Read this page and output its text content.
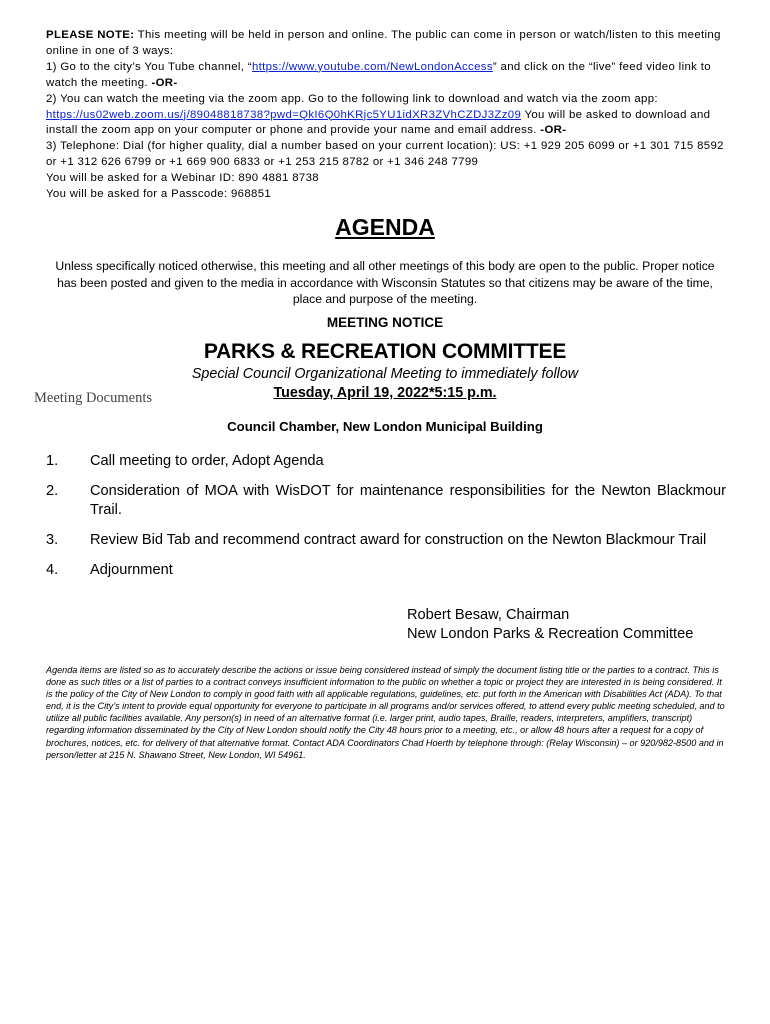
PLEASE NOTE: This meeting will be held in person and online. The public can come in person or watch/listen to this meeting online in one of 3 ways:

1) Go to the city’s You Tube channel, “https://www.youtube.com/NewLondonAccess” and click on the “live” feed video link to watch the meeting. -OR-

2) You can watch the meeting via the zoom app. Go to the following link to download and watch via the zoom app: https://us02web.zoom.us/j/89048818738?pwd=QkI6Q0hKRjc5YU1idXR3ZVhCZDJ3Zz09 You will be asked to download and install the zoom app on your computer or phone and provide your name and email address. -OR-

3) Telephone: Dial (for higher quality, dial a number based on your current location): US: +1 929 205 6099 or +1 301 715 8592 or +1 312 626 6799 or +1 669 900 6833 or +1 253 215 8782 or +1 346 248 7799

You will be asked for a Webinar ID: 890 4881 8738

You will be asked for a Passcode: 968851

AGENDA
Unless specifically noticed otherwise, this meeting and all other meetings of this body are open to the public. Proper notice has been posted and given to the media in accordance with Wisconsin Statutes so that citizens may be aware of the time, place and purpose of the meeting.
MEETING NOTICE
PARKS & RECREATION COMMITTEE
Special Council Organizational Meeting to immediately follow
Meeting Documents	Tuesday, April 19, 2022*5:15 p.m.
Council Chamber, New London Municipal Building
1. Call meeting to order, Adopt Agenda
2. Consideration of MOA with WisDOT for maintenance responsibilities for the Newton Blackmour Trail.
3. Review Bid Tab and recommend contract award for construction on the Newton Blackmour Trail
4. Adjournment
Robert Besaw, Chairman
New London Parks & Recreation Committee
Agenda items are listed so as to accurately describe the actions or issue being considered instead of simply the document listing title or the parties to a contract. This is done as such titles or a list of parties to a contract conveys insufficient information to the public on whether a topic or project they are interested in is being considered. It is the policy of the City of New London to comply in good faith with all applicable regulations, guidelines, etc. put forth in the American with Disabilities Act (ADA). To that end, it is the City’s intent to provide equal opportunity for everyone to participate in all programs and/or services offered, to attend every public meeting scheduled, and to utilize all public facilities available. Any person(s) in need of an alternative format (i.e. larger print, audio tapes, Braille, readers, interpreters, amplifiers, transcript) regarding information disseminated by the City of New London should notify the City 48 hours prior to a meeting, etc., or allow 48 hours after a request for a copy of brochures, notices, etc. for delivery of that alternative format. Contact ADA Coordinators Chad Hoerth by telephone through: (Relay Wisconsin) – or 920/982-8500 and in person/letter at 215 N. Shawano Street, New London, WI 54961.
